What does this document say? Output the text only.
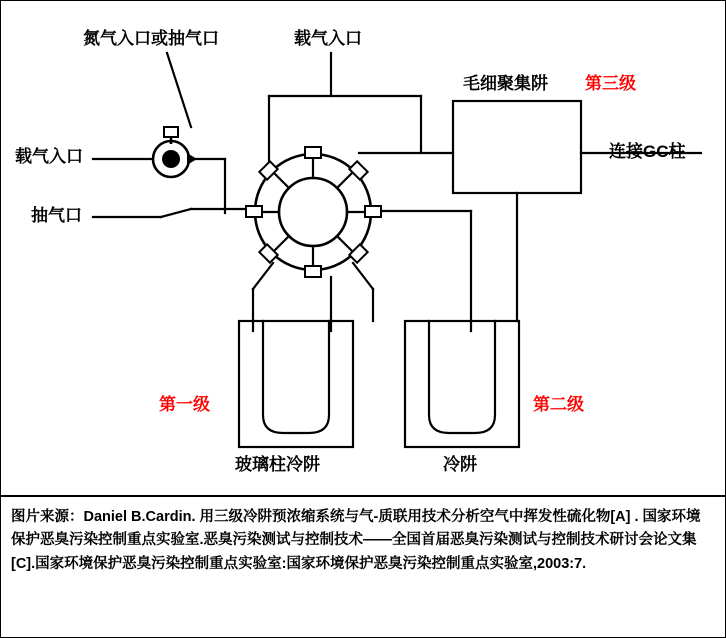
氮气入口或抽气口	载气入口
毛细聚集阱 第三级
载气入口	连接GC柱
抽气口
第一级	第二级
玻璃柱冷阱	冷阱
图片来源：Daniel B.Cardin. 用三级冷阱预浓缩系统与气-质联用技术分析空气中挥发性硫化物[A] . 国家环境保护恶臭污染控制重点实验室.恶臭污染测试与控制技术——全国首届恶臭污染测试与控制技术研讨会论文集[C].国家环境保护恶臭污染控制重点实验室:国家环境保护恶臭污染控制重点实验室,2003:7.
